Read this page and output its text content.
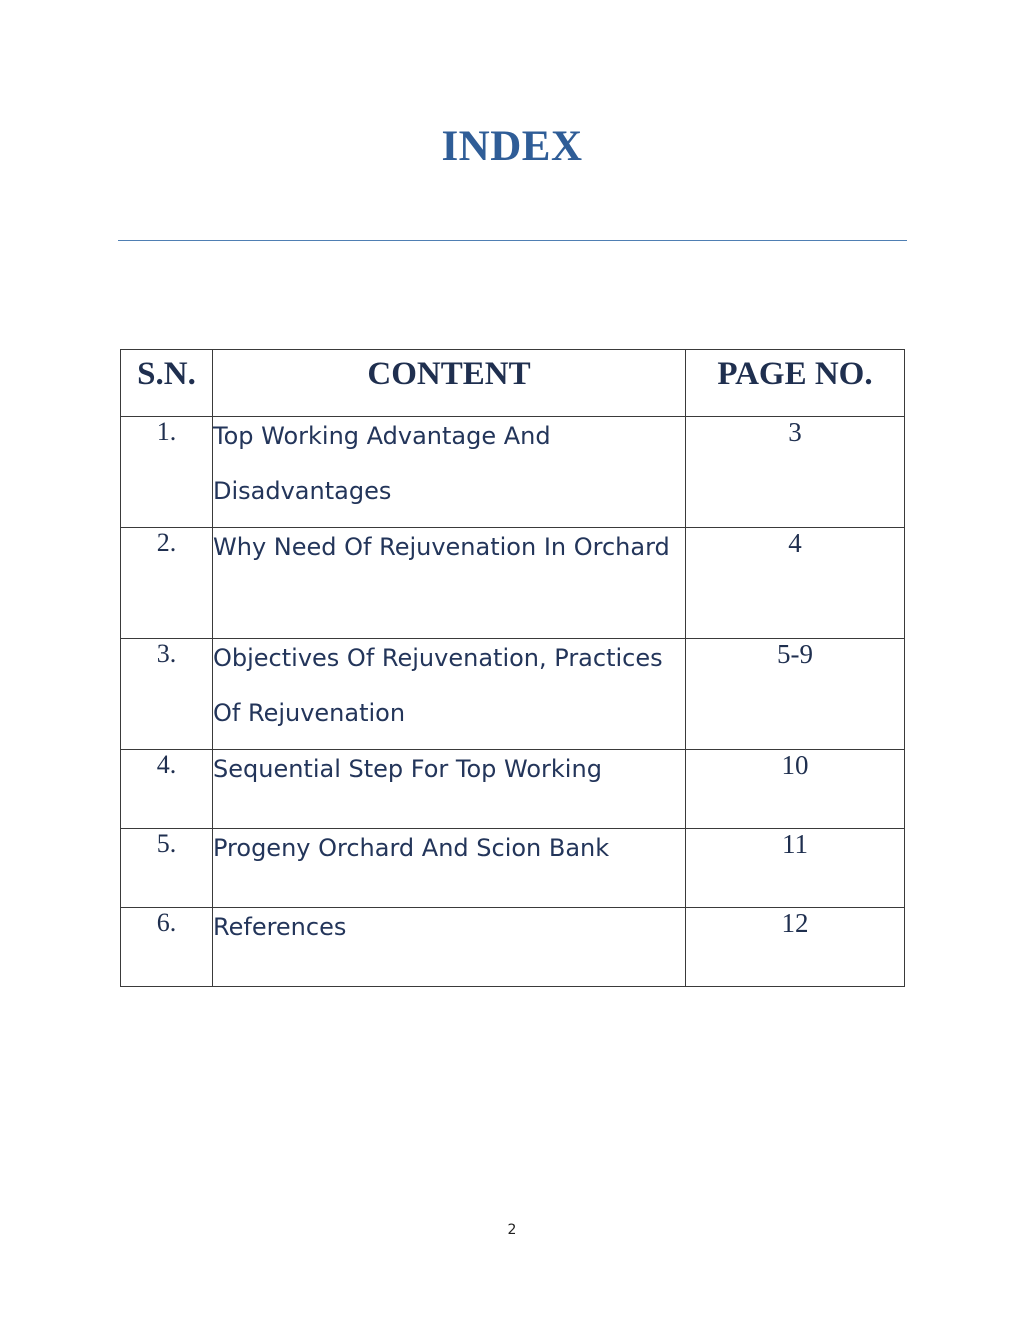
INDEX
S.N.	CONTENT	PAGE NO.
1.	Top Working Advantage And Disadvantages	3
2.	Why Need Of Rejuvenation In Orchard	4
3.	Objectives Of Rejuvenation, Practices Of Rejuvenation	5-9
4.	Sequential Step For Top Working	10
5.	Progeny Orchard And Scion Bank	11
6.	References	12
2
